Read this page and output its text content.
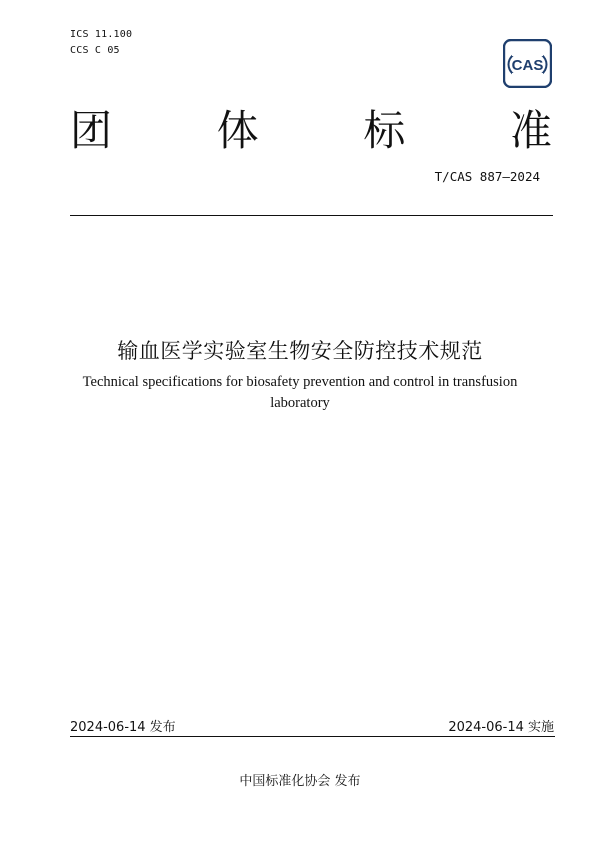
ICS 11.100
CCS C 05
CAS
团 体 标 准
T/CAS 887—2024
输血医学实验室生物安全防控技术规范
Technical specifications for biosafety prevention and control in transfusion
laboratory
2024-06-14 发布	2024-06-14 实施
中国标准化协会 发布
